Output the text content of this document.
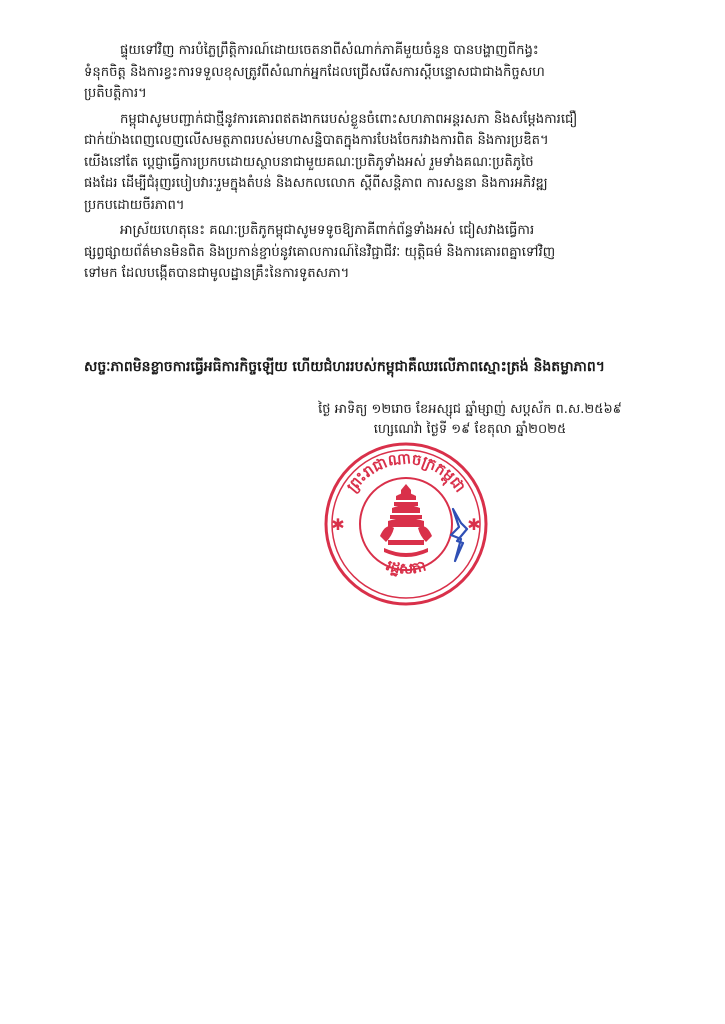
ផ្ទុយទៅវិញ ការបំភ្លៃព្រឹត្តិការណ៍ដោយចេតនាពីសំណាក់ភាគីមួយចំនួន បានបង្ហាញពីកង្វះ
ទំនុកចិត្ត និងការខ្វះការទទួលខុសត្រូវពីសំណាក់អ្នកដែលជ្រើសរើសការស្តីបន្ទោសជាជាងកិច្ចសហ
ប្រតិបត្តិការ។
កម្ពុជាសូមបញ្ជាក់ជាថ្មីនូវការគោរពឥតងាករេបស់ខ្លួនចំពោះសហភាពអន្តរសភា និងសម្តែងការជឿ
ជាក់យ៉ាងពេញលេញលើសមត្ថភាពរបស់មហាសន្និបាតក្នុងការបែងចែករវាងការពិត និងការប្រឌិត។
យើងនៅតែ ប្តេជ្ញាធ្វើការប្រកបដោយស្ថាបនាជាមួយគណៈប្រតិភូទាំងអស់ រួមទាំងគណៈប្រតិភូថៃ
ផងដែរ ដើម្បីជំរុញរបៀបវារៈរួមក្នុងតំបន់ និងសកលលោក ស្តីពីសន្តិភាព ការសន្ទនា និងការអភិវឌ្ឍ
ប្រកបដោយចីរភាព។
អាស្រ័យហេតុនេះ គណៈប្រតិភូកម្ពុជាសូមទទូចឱ្យភាគីពាក់ព័ន្ធទាំងអស់ ជៀសវាងធ្វើការ
ផ្សព្វផ្សាយព័ត៌មានមិនពិត និងប្រកាន់ខ្ជាប់នូវគោលការណ៍នៃវិជ្ជាជីវៈ យុត្តិធម៌ និងការគោរពគ្នាទៅវិញ
ទៅមក ដែលបង្កើតបានជាមូលដ្ឋានគ្រឹះនៃការទូតសភា។
សច្ចៈភាពមិនខ្លាចការធ្វើអធិការកិច្ចឡើយ ហើយជំហររបស់កម្ពុជាគឺឈរលើភាពស្មោះត្រង់ និងតម្លាភាព។
ថ្ងៃ អាទិត្យ ១២រោច ខែអស្សុជ ឆ្នាំម្សាញ់ សប្តស័ក ព.ស.២៥៦៩
ហេ្សណេវ៉ា ថ្ងៃទី ១៩ ខែតុលា ឆ្នាំ២០២៥
ព្រះរាជាណាចក្រកម្ពុជា
រដ្ឋសភា
✱	✱
